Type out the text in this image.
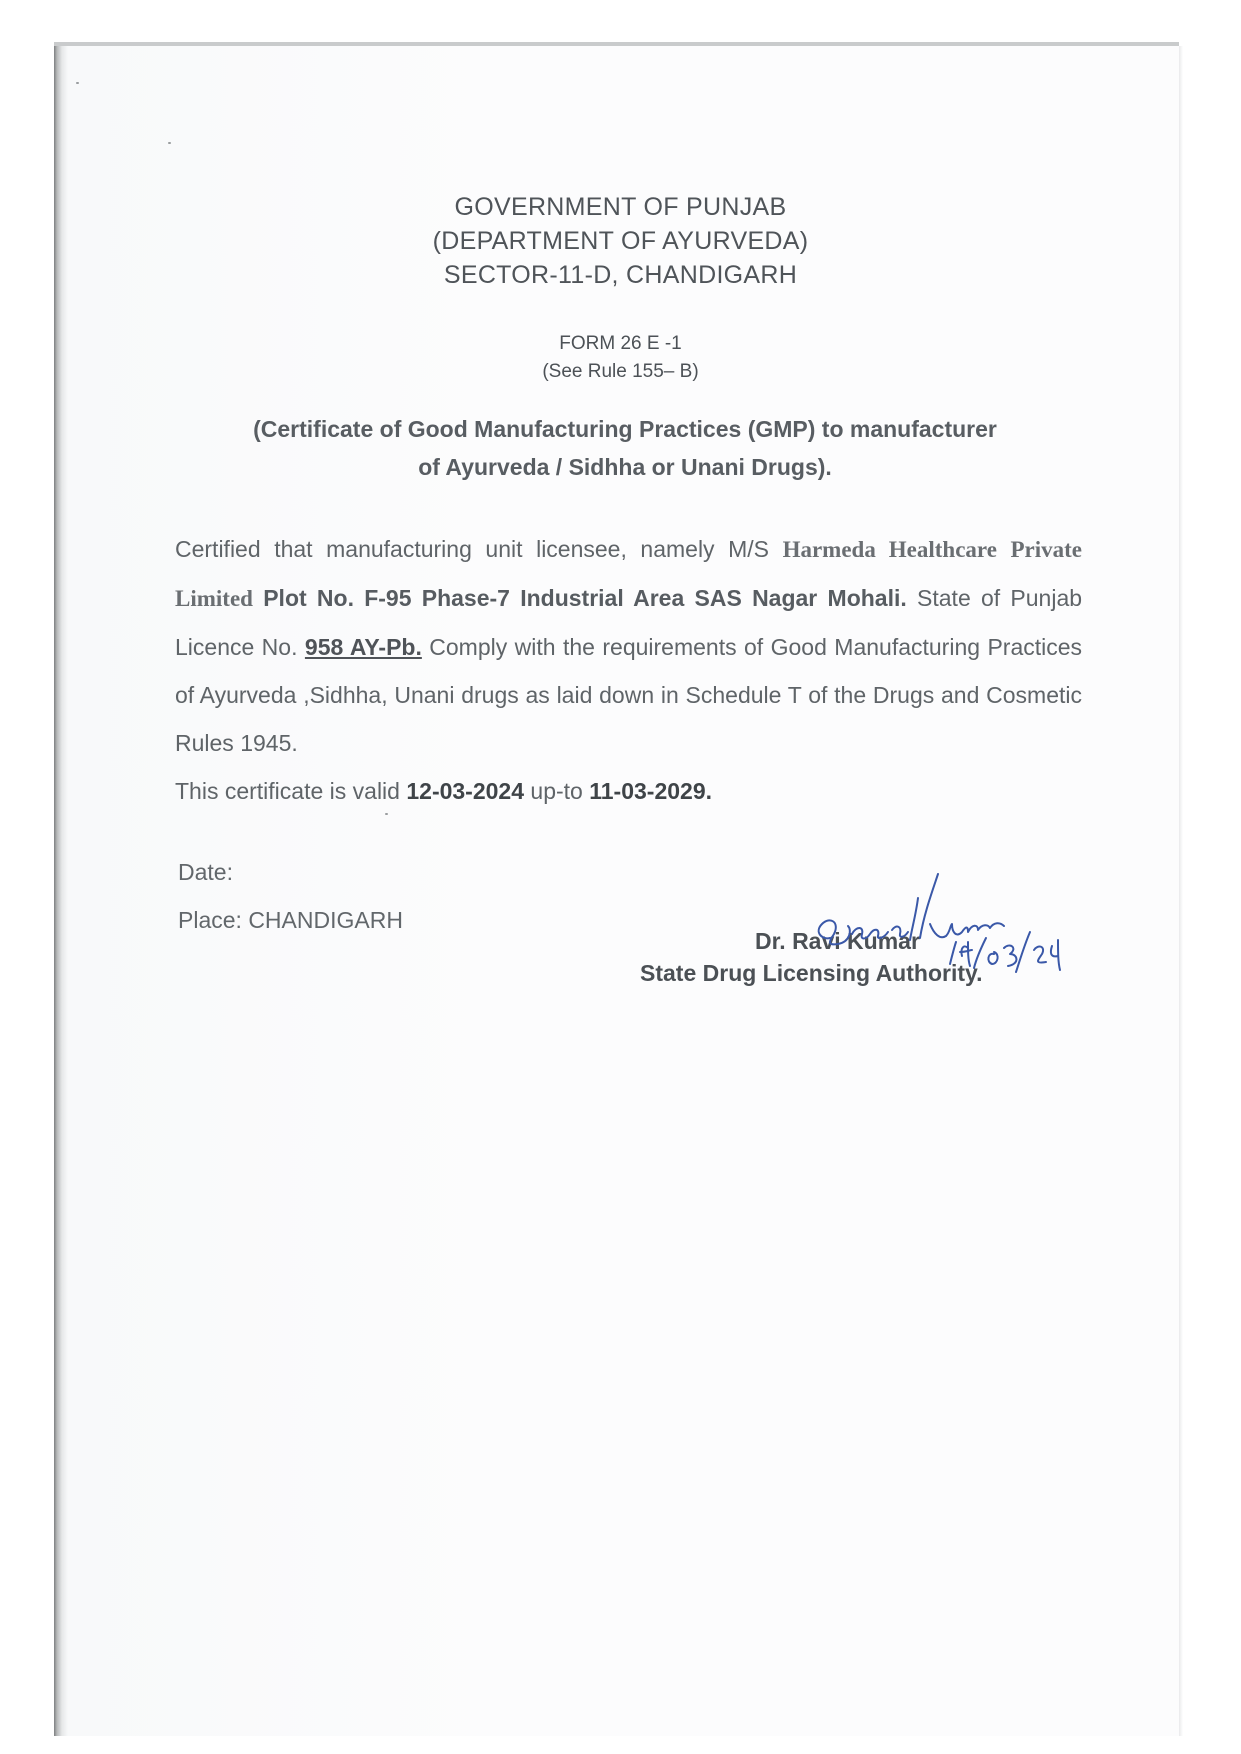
GOVERNMENT OF PUNJAB
(DEPARTMENT OF AYURVEDA)
SECTOR-11-D, CHANDIGARH
FORM 26 E -1
(See Rule 155– B)
(Certificate of Good Manufacturing Practices (GMP) to manufacturer
of Ayurveda / Sidhha or Unani Drugs).
Certified that manufacturing unit licensee, namely M/S Harmeda Healthcare Private Limited Plot No. F-95 Phase-7 Industrial Area SAS Nagar Mohali. State of Punjab Licence No. 958 AY-Pb. Comply with the requirements of Good Manufacturing Practices of Ayurveda ,Sidhha, Unani drugs as laid down in Schedule T of the Drugs and Cosmetic Rules 1945.
This certificate is valid 12-03-2024 up-to 11-03-2029.
Date:
Place: CHANDIGARH
Dr. Ravi Kumar
State Drug Licensing Authority.
